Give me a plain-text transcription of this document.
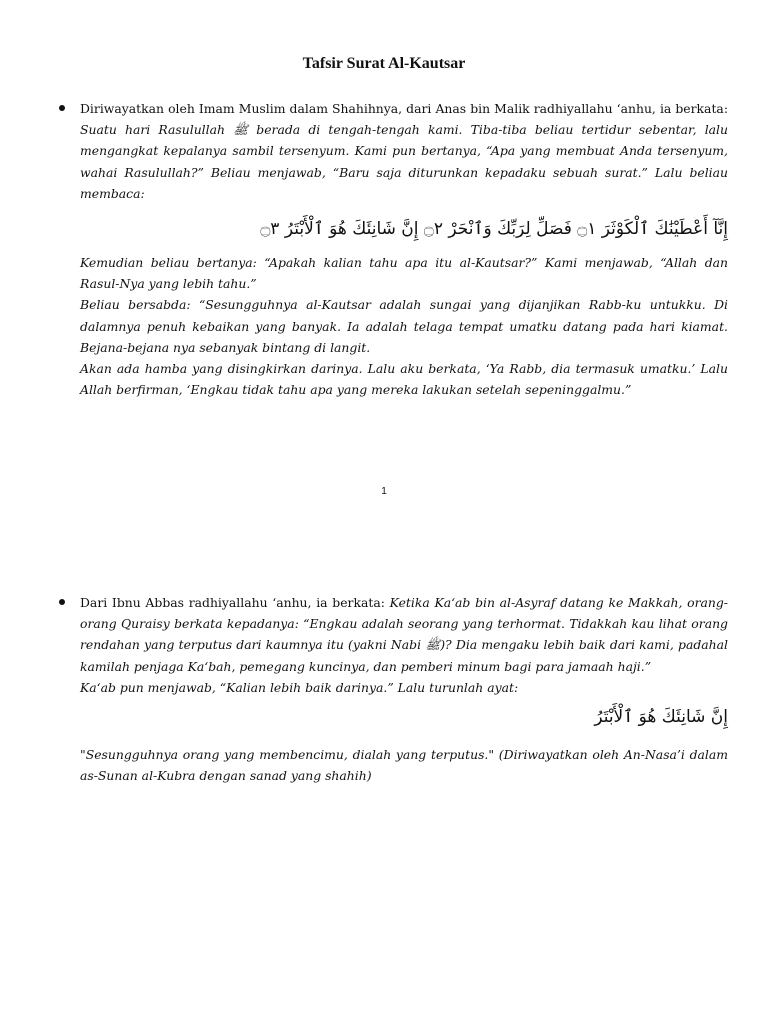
Tafsir Surat Al-Kautsar

Diriwayatkan oleh Imam Muslim dalam Shahihnya, dari Anas bin Malik radhiyallahu ‘anhu, ia berkata: Suatu hari Rasulullah ﷺ berada di tengah-tengah kami. Tiba-tiba beliau tertidur sebentar, lalu mengangkat kepalanya sambil tersenyum. Kami pun bertanya, “Apa yang membuat Anda tersenyum, wahai Rasulullah?” Beliau menjawab, “Baru saja diturunkan kepadaku sebuah surat.” Lalu beliau membaca:

إِنَّآ أَعْطَيْنَٰكَ ٱلْكَوْثَرَ ۝١ فَصَلِّ لِرَبِّكَ وَٱنْحَرْ ۝٢ إِنَّ شَانِئَكَ هُوَ ٱلْأَبْتَرُ ۝٣

Kemudian beliau bertanya: “Apakah kalian tahu apa itu al-Kautsar?” Kami menjawab, “Allah dan Rasul-Nya yang lebih tahu.”

Beliau bersabda: “Sesungguhnya al-Kautsar adalah sungai yang dijanjikan Rabb-ku untukku. Di dalamnya penuh kebaikan yang banyak. Ia adalah telaga tempat umatku datang pada hari kiamat. Bejana-bejana nya sebanyak bintang di langit.

Akan ada hamba yang disingkirkan darinya. Lalu aku berkata, ‘Ya Rabb, dia termasuk umatku.’ Lalu Allah berfirman, ‘Engkau tidak tahu apa yang mereka lakukan setelah sepeninggalmu.”

1

Dari Ibnu Abbas radhiyallahu ‘anhu, ia berkata: Ketika Ka‘ab bin al-Asyraf datang ke Makkah, orang-orang Quraisy berkata kepadanya: “Engkau adalah seorang yang terhormat. Tidakkah kau lihat orang rendahan yang terputus dari kaumnya itu (yakni Nabi ﷺ)? Dia mengaku lebih baik dari kami, padahal kamilah penjaga Ka‘bah, pemegang kuncinya, dan pemberi minum bagi para jamaah haji.”

Ka‘ab pun menjawab, “Kalian lebih baik darinya.” Lalu turunlah ayat:

إِنَّ شَانِئَكَ هُوَ ٱلْأَبْتَرُ

"Sesungguhnya orang yang membencimu, dialah yang terputus." (Diriwayatkan oleh An-Nasa’i dalam as-Sunan al-Kubra dengan sanad yang shahih)
